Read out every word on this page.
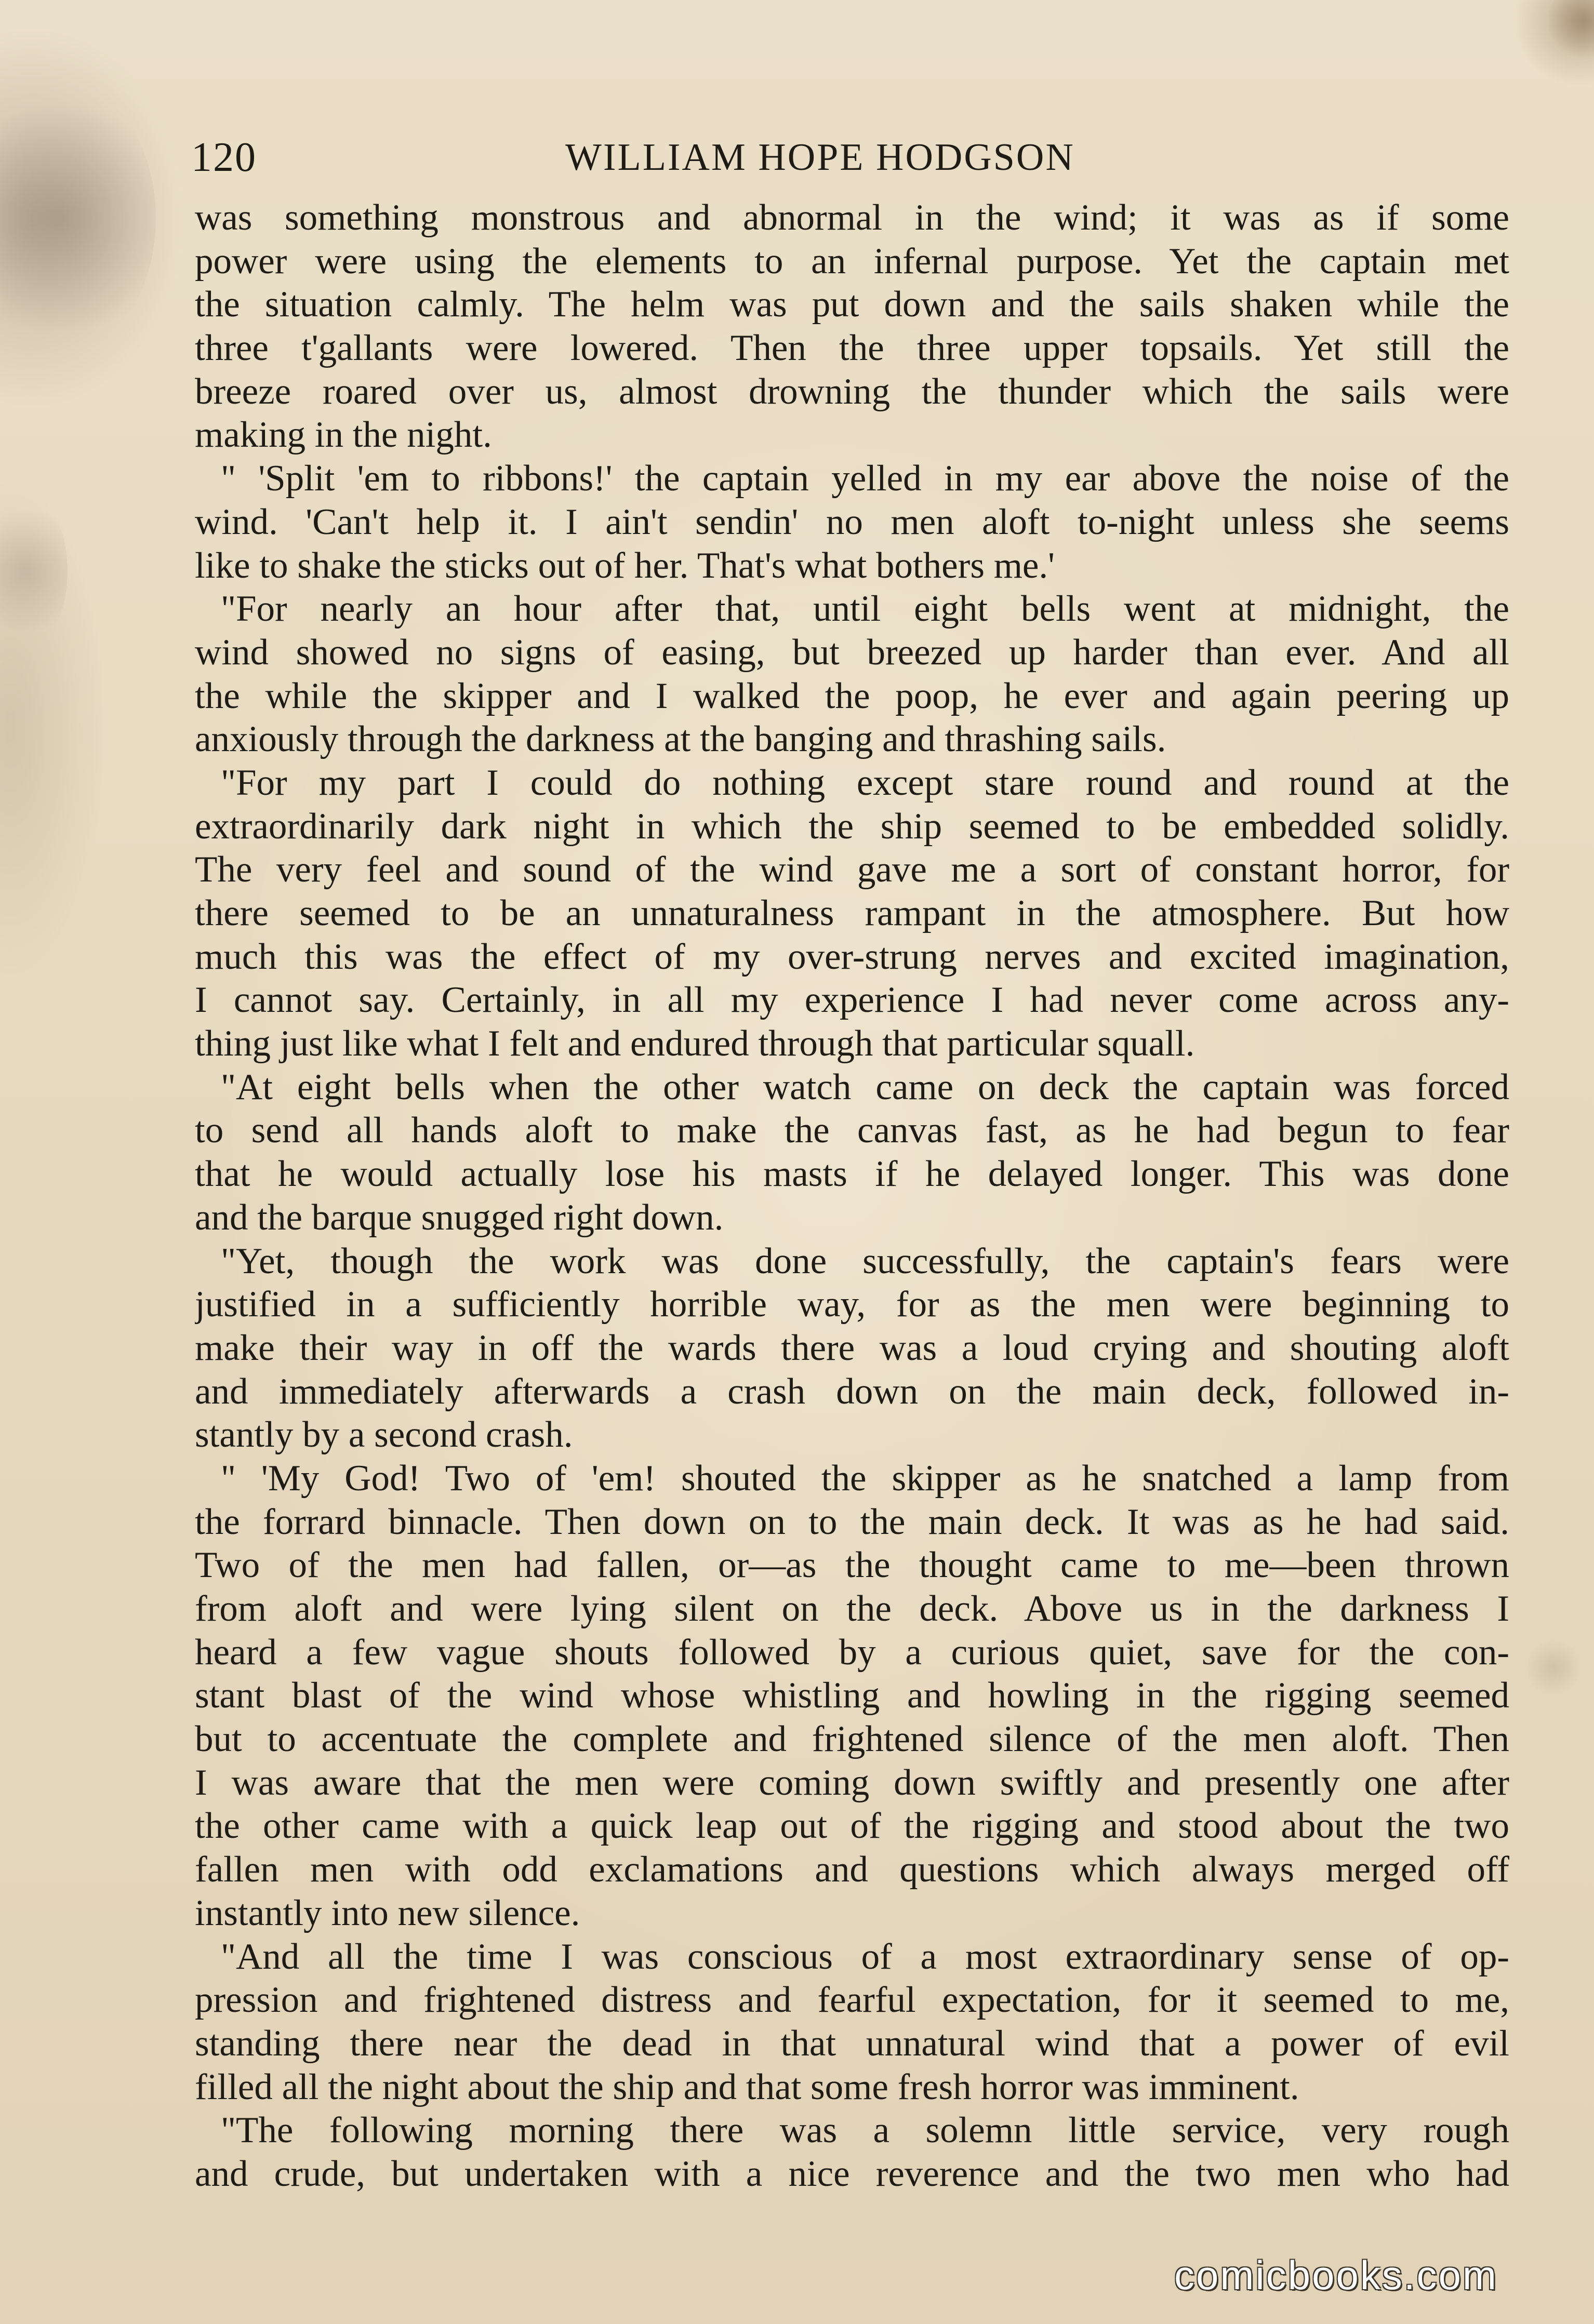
120	WILLIAM HOPE HODGSON
was something monstrous and abnormal in the wind; it was as if some
power were using the elements to an infernal purpose. Yet the captain met
the situation calmly. The helm was put down and the sails shaken while the
three t'gallants were lowered. Then the three upper topsails. Yet still the
breeze roared over us, almost drowning the thunder which the sails were
making in the night.
" 'Split 'em to ribbons!' the captain yelled in my ear above the noise of the
wind. 'Can't help it. I ain't sendin' no men aloft to-night unless she seems
like to shake the sticks out of her. That's what bothers me.'
"For nearly an hour after that, until eight bells went at midnight, the
wind showed no signs of easing, but breezed up harder than ever. And all
the while the skipper and I walked the poop, he ever and again peering up
anxiously through the darkness at the banging and thrashing sails.
"For my part I could do nothing except stare round and round at the
extraordinarily dark night in which the ship seemed to be embedded solidly.
The very feel and sound of the wind gave me a sort of constant horror, for
there seemed to be an unnaturalness rampant in the atmosphere. But how
much this was the effect of my over-strung nerves and excited imagination,
I cannot say. Certainly, in all my experience I had never come across any-
thing just like what I felt and endured through that particular squall.
"At eight bells when the other watch came on deck the captain was forced
to send all hands aloft to make the canvas fast, as he had begun to fear
that he would actually lose his masts if he delayed longer. This was done
and the barque snugged right down.
"Yet, though the work was done successfully, the captain's fears were
justified in a sufficiently horrible way, for as the men were beginning to
make their way in off the wards there was a loud crying and shouting aloft
and immediately afterwards a crash down on the main deck, followed in-
stantly by a second crash.
" 'My God! Two of 'em! shouted the skipper as he snatched a lamp from
the forrard binnacle. Then down on to the main deck. It was as he had said.
Two of the men had fallen, or—as the thought came to me—been thrown
from aloft and were lying silent on the deck. Above us in the darkness I
heard a few vague shouts followed by a curious quiet, save for the con-
stant blast of the wind whose whistling and howling in the rigging seemed
but to accentuate the complete and frightened silence of the men aloft. Then
I was aware that the men were coming down swiftly and presently one after
the other came with a quick leap out of the rigging and stood about the two
fallen men with odd exclamations and questions which always merged off
instantly into new silence.
"And all the time I was conscious of a most extraordinary sense of op-
pression and frightened distress and fearful expectation, for it seemed to me,
standing there near the dead in that unnatural wind that a power of evil
filled all the night about the ship and that some fresh horror was imminent.
"The following morning there was a solemn little service, very rough
and crude, but undertaken with a nice reverence and the two men who had
comicbooks.com
